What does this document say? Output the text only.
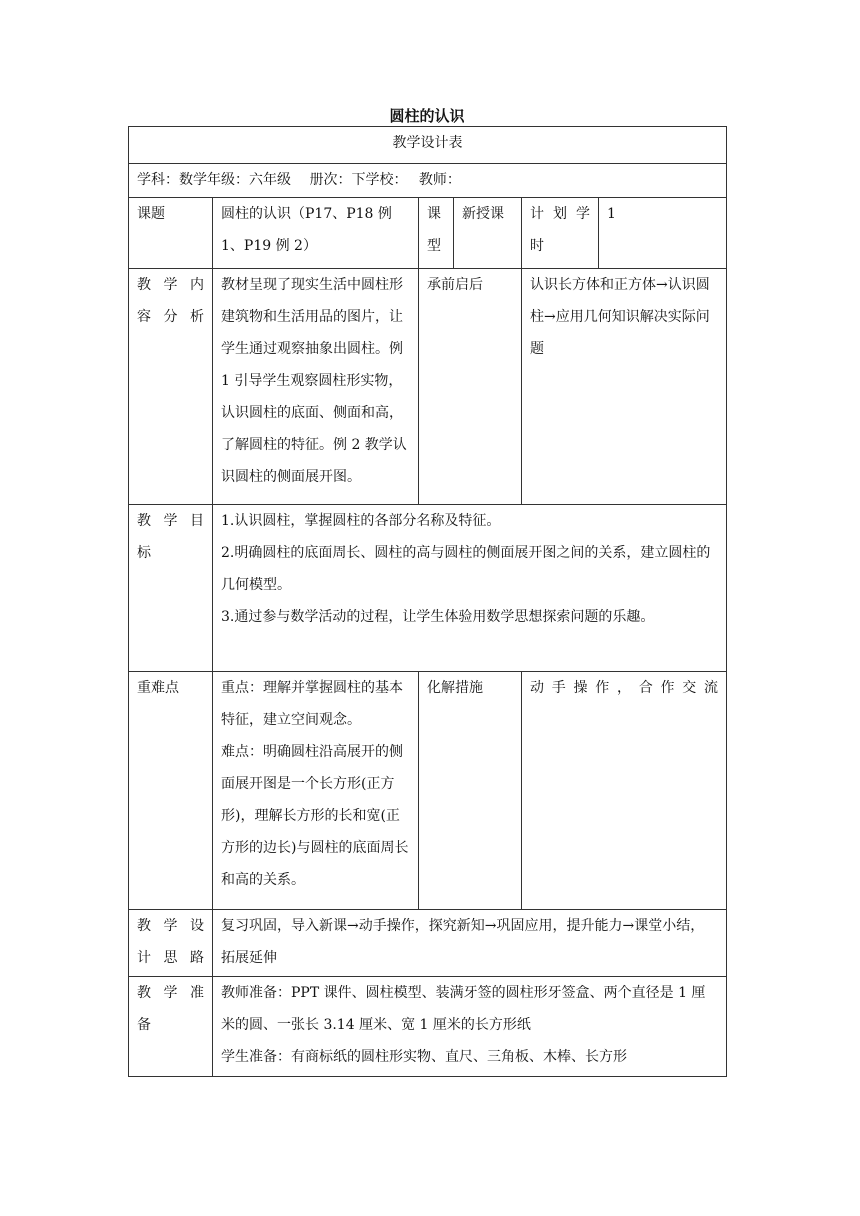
圆柱的认识
教学设计表					
学科：数学年级：六年级　 册次：下学校：　 教师：					
课题	圆柱的认识（P17、P18 例 1、P19 例 2）	课型	新授课	计 划 学 时	1
教 学 内 容分析	教材呈现了现实生活中圆柱形建筑物和生活用品的图片，让学生通过观察抽象出圆柱。例 1 引导学生观察圆柱形实物，认识圆柱的底面、侧面和高，了解圆柱的特征。例 2 教学认识圆柱的侧面展开图。	承前启后		认识长方体和正方体→认识圆柱→应用几何知识解决实际问题	
教 学 目 标	1.认识圆柱，掌握圆柱的各部分名称及特征。
2.明确圆柱的底面周长、圆柱的高与圆柱的侧面展开图之间的关系，建立圆柱的几何模型。
3.通过参与数学活动的过程，让学生体验用数学思想探索问题的乐趣。				

重难点	重点：理解并掌握圆柱的基本特征，建立空间观念。
难点：明确圆柱沿高展开的侧面展开图是一个长方形(正方形)，理解长方形的长和宽(正方形的边长)与圆柱的底面周长和高的关系。	化解措施		动手操作，合作交流	
教 学 设 计思路	复习巩固，导入新课→动手操作，探究新知→巩固应用，提升能力→课堂小结，拓展延伸				
教 学 准 备	教师准备：PPT 课件、圆柱模型、装满牙签的圆柱形牙签盒、两个直径是 1 厘米的圆、一张长 3.14 厘米、宽 1 厘米的长方形纸
学生准备：有商标纸的圆柱形实物、直尺、三角板、木棒、长方形				
